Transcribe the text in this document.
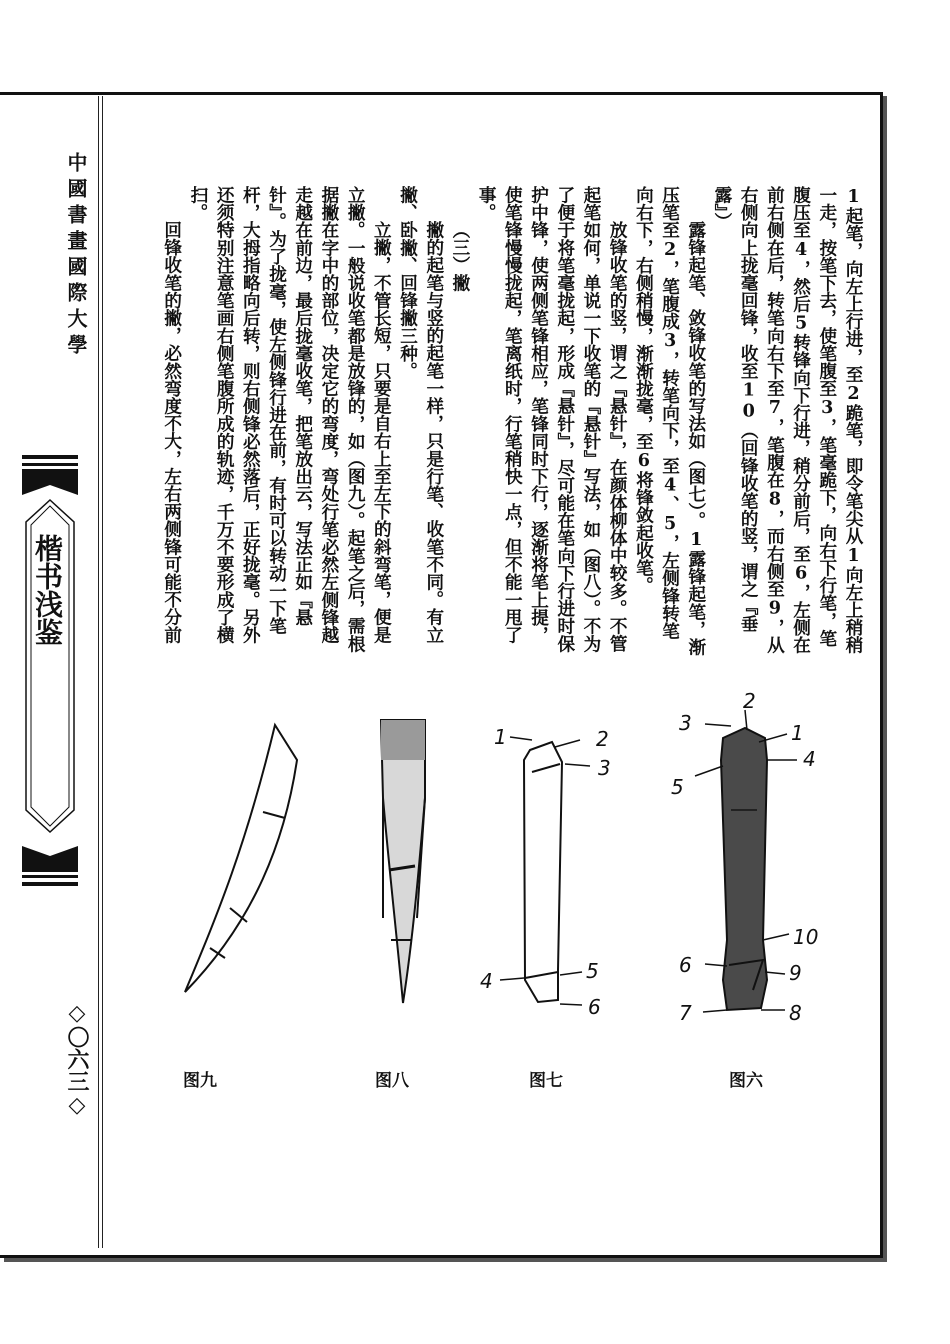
中國書畫國際大學
楷书浅鉴
◇〇六三◇

1起笔，向左上行进，至2跪笔，即令笔尖从1向左上稍稍一走，按笔下去，使笔腹至3，笔毫跪下，向右下行笔，笔腹压至4，然后5转锋向下行进，稍分前后，至6，左侧在前右侧在后，转笔向右下至7，笔腹在8，而右侧至9，从右侧向上拢毫回锋，收至10（回锋收笔的竖，谓之『垂露』）

露锋起笔、敛锋收笔的写法如（图七）。1露锋起笔，渐压笔至2，笔腹成3，转笔向下，至4、5，左侧锋转笔向右下，右侧稍慢，渐渐拢毫，至6将锋敛起收笔。

放锋收笔的竖，谓之『悬针』，在颜体柳体中较多。不管起笔如何，单说一下收笔的『悬针』写法，如（图八）。不为了便于将笔毫拢起，形成『悬针』，尽可能在笔向下行进时保护中锋，使两侧笔锋相应，笔锋同时下行，逐渐将笔上提，使笔锋慢慢拢起，笔离纸时，行笔稍快一点，但不能一甩了事。

（三）撇

撇的起笔与竖的起笔一样，只是行笔、收笔不同。有立撇、卧撇、回锋撇三种。

立撇，不管长短，只要是自右上至左下的斜弯笔，便是立撇。一般说收笔都是放锋的，如（图九）。起笔之后，需根据撇在字中的部位，决定它的弯度，弯处行笔必然左侧锋越走越在前边，最后拢毫收笔，把笔放出云，写法正如『悬针』。为了拢毫，使左侧锋行进在前，有时可以转动一下笔杆，大拇指略向后转，则右侧锋必然落后，正好拢毫。另外还须特别注意笔画右侧笔腹所成的轨迹，千万不要形成了横扫。

回锋收笔的撇，必然弯度不大，左右两侧锋可能不分前

1	2
3
4	5
6
1
2
3
4
5
6
7	8
9
10
图九	图八	图七	图六
